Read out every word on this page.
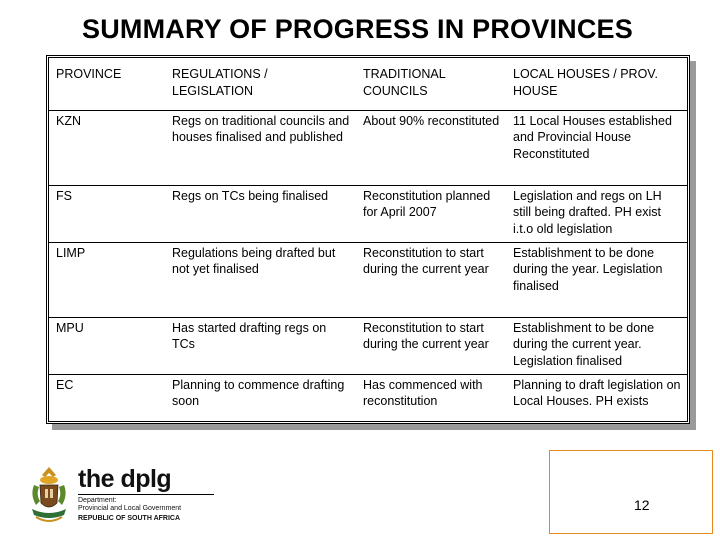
SUMMARY OF PROGRESS IN PROVINCES
PROVINCE	REGULATIONS / LEGISLATION	TRADITIONAL COUNCILS	LOCAL HOUSES / PROV. HOUSE
KZN	Regs on traditional councils and houses finalised and published	About 90% reconstituted	11 Local Houses established and Provincial House Reconstituted
FS	Regs on TCs being finalised	Reconstitution planned for April 2007	Legislation and regs on LH still being drafted. PH exist i.t.o old legislation
LIMP	Regulations being drafted but not yet finalised	Reconstitution to start during the current year	Establishment to be done during the year. Legislation finalised
MPU	Has started drafting regs on TCs	Reconstitution to start during the current year	Establishment to be done during the current year. Legislation finalised
EC	Planning to commence drafting soon	Has commenced with reconstitution	Planning to draft legislation on Local Houses. PH exists
the dplg
Department:
Provincial and Local Government
REPUBLIC OF SOUTH AFRICA
12
